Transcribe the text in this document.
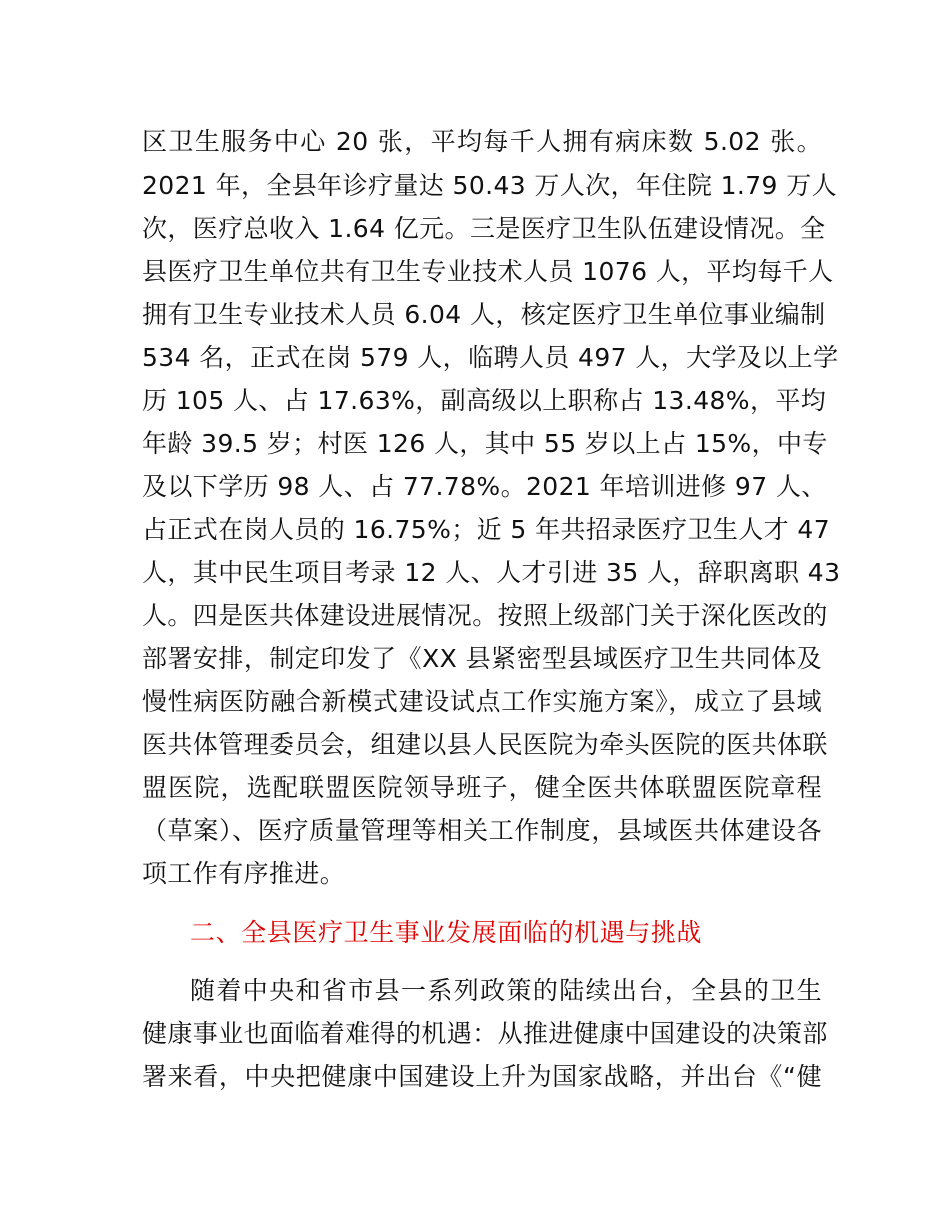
区卫生服务中心 20 张，平均每千人拥有病床数 5.02 张。
2021 年，全县年诊疗量达 50.43 万人次，年住院 1.79 万人
次，医疗总收入 1.64 亿元。三是医疗卫生队伍建设情况。全
县医疗卫生单位共有卫生专业技术人员 1076 人，平均每千人
拥有卫生专业技术人员 6.04 人，核定医疗卫生单位事业编制
534 名，正式在岗 579 人，临聘人员 497 人，大学及以上学
历 105 人、占 17.63%，副高级以上职称占 13.48%，平均
年龄 39.5 岁；村医 126 人，其中 55 岁以上占 15%，中专
及以下学历 98 人、占 77.78%。2021 年培训进修 97 人、
占正式在岗人员的 16.75%；近 5 年共招录医疗卫生人才 47
人，其中民生项目考录 12 人、人才引进 35 人，辞职离职 43
人。四是医共体建设进展情况。按照上级部门关于深化医改的
部署安排，制定印发了《XX 县紧密型县域医疗卫生共同体及
慢性病医防融合新模式建设试点工作实施方案》，成立了县域
医共体管理委员会，组建以县人民医院为牵头医院的医共体联
盟医院，选配联盟医院领导班子，健全医共体联盟医院章程
（草案）、医疗质量管理等相关工作制度，县域医共体建设各
项工作有序推进。
二、全县医疗卫生事业发展面临的机遇与挑战
随着中央和省市县一系列政策的陆续出台，全县的卫生
健康事业也面临着难得的机遇：从推进健康中国建设的决策部
署来看，中央把健康中国建设上升为国家战略，并出台《“健
